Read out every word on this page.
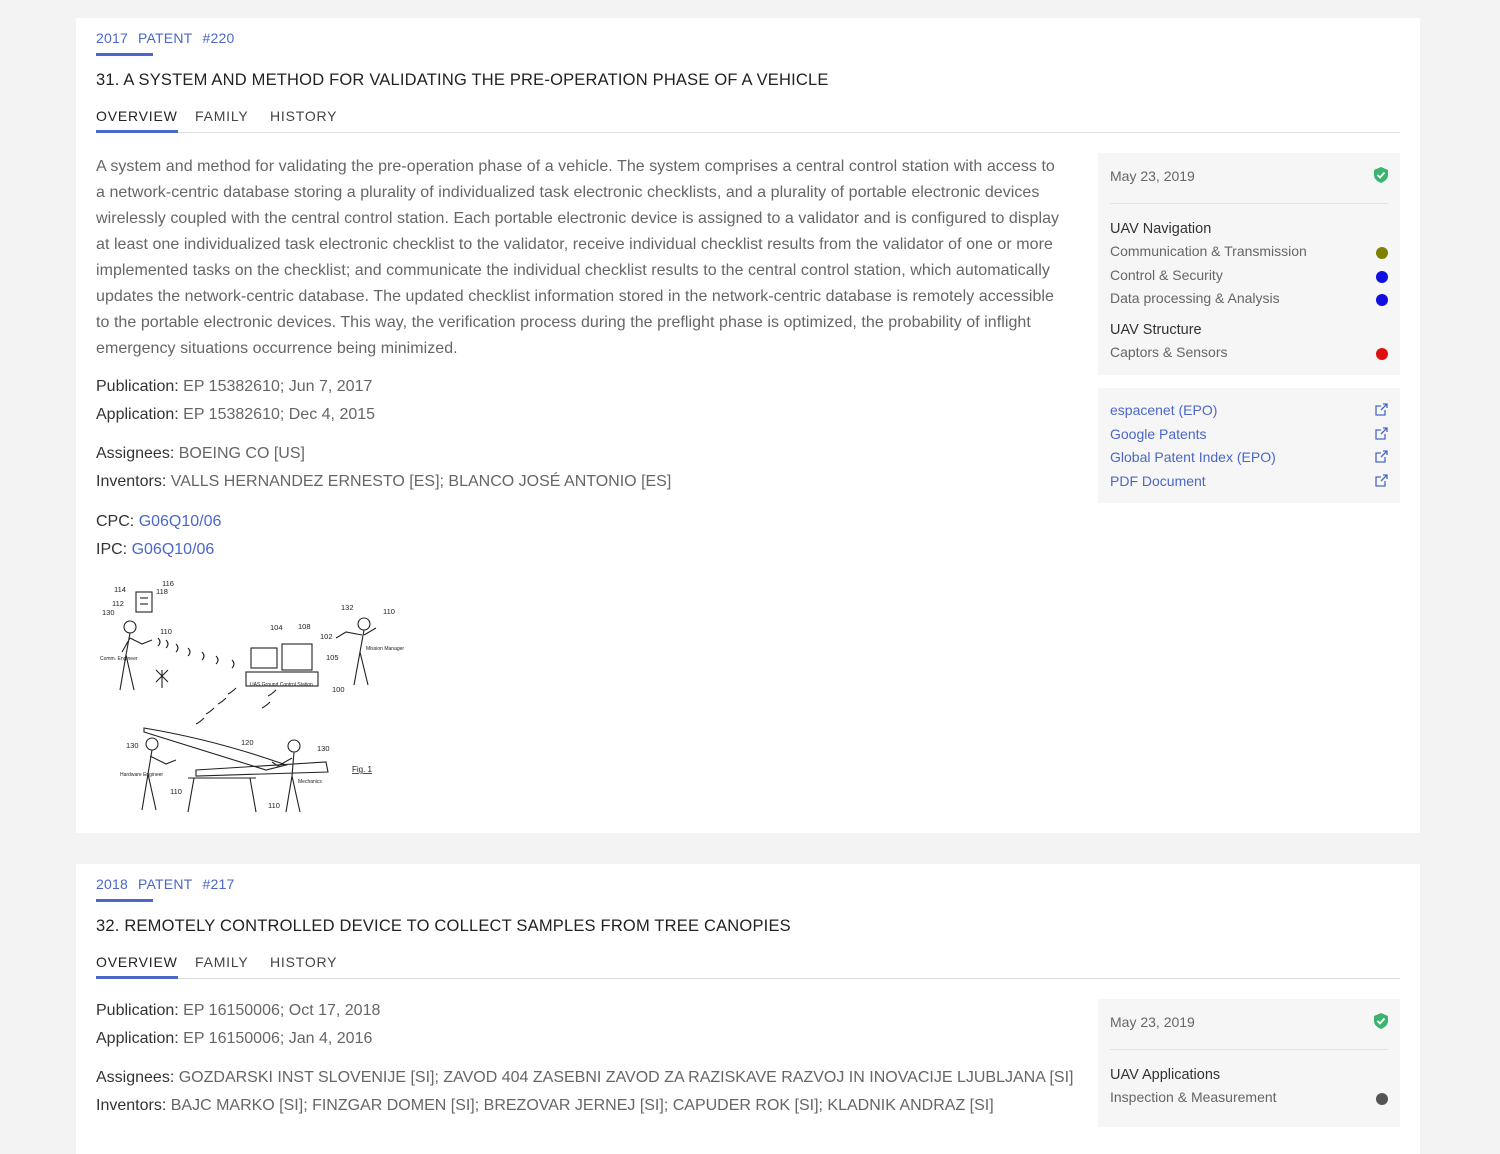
2017 PATENT #220
31. A SYSTEM AND METHOD FOR VALIDATING THE PRE-OPERATION PHASE OF A VEHICLE
OVERVIEW FAMILY HISTORY
A system and method for validating the pre-operation phase of a vehicle. The system comprises a central control station with access to a network-centric database storing a plurality of individualized task electronic checklists, and a plurality of portable electronic devices wirelessly coupled with the central control station. Each portable electronic device is assigned to a validator and is configured to display at least one individualized task electronic checklist to the validator, receive individual checklist results from the validator of one or more implemented tasks on the checklist; and communicate the individual checklist results to the central control station, which automatically updates the network-centric database. The updated checklist information stored in the network-centric database is remotely accessible to the portable electronic devices. This way, the verification process during the preflight phase is optimized, the probability of inflight emergency situations occurrence being minimized.
Publication: EP 15382610; Jun 7, 2017
Application: EP 15382610; Dec 4, 2015
Assignees: BOEING CO [US]
Inventors: VALLS HERNANDEZ ERNESTO [ES]; BLANCO JOSÉ ANTONIO [ES]
CPC: G06Q10/06
IPC: G06Q10/06
114
116
118
112
130
110
132	110
104 108
102
105
100
130	120
130
110
110
Comm. Engineer
Mission Manager
UAS Ground Control Station
Hardware Engineer
Mechanics
Fig. 1
May 23, 2019
UAV Navigation
Communication & Transmission
Control & Security
Data processing & Analysis
UAV Structure
Captors & Sensors
espacenet (EPO)
Google Patents
Global Patent Index (EPO)
PDF Document
2018 PATENT #217
32. REMOTELY CONTROLLED DEVICE TO COLLECT SAMPLES FROM TREE CANOPIES
OVERVIEW FAMILY HISTORY
Publication: EP 16150006; Oct 17, 2018
Application: EP 16150006; Jan 4, 2016
Assignees: GOZDARSKI INST SLOVENIJE [SI]; ZAVOD 404 ZASEBNI ZAVOD ZA RAZISKAVE RAZVOJ IN INOVACIJE LJUBLJANA [SI]
Inventors: BAJC MARKO [SI]; FINZGAR DOMEN [SI]; BREZOVAR JERNEJ [SI]; CAPUDER ROK [SI]; KLADNIK ANDRAZ [SI]
May 23, 2019
UAV Applications
Inspection & Measurement
